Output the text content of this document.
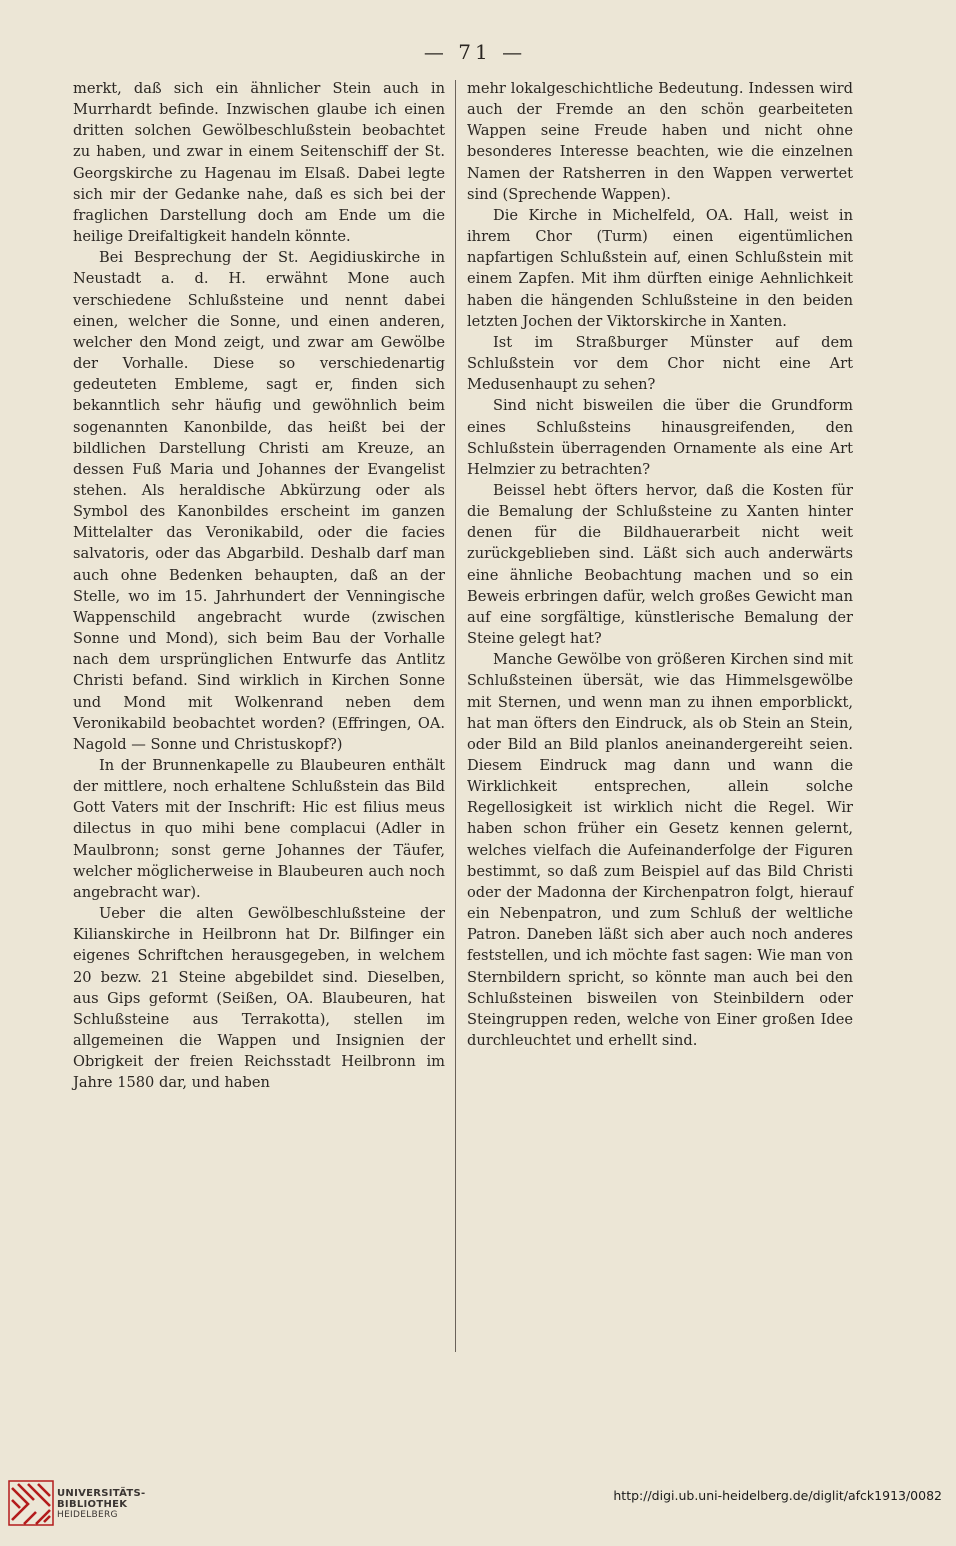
— 71 —

merkt, daß sich ein ähnlicher Stein auch in Murrhardt befinde. Inzwischen glaube ich einen dritten solchen Gewölbeschlußstein beobachtet zu haben, und zwar in einem Seitenschiff der St. Georgskirche zu Hagenau im Elsaß. Dabei legte sich mir der Gedanke nahe, daß es sich bei der fraglichen Darstellung doch am Ende um die heilige Dreifaltigkeit handeln könnte.

Bei Besprechung der St. Aegidiuskirche in Neustadt a. d. H. erwähnt Mone auch verschiedene Schlußsteine und nennt dabei einen, welcher die Sonne, und einen anderen, welcher den Mond zeigt, und zwar am Gewölbe der Vorhalle. Diese so verschiedenartig gedeuteten Embleme, sagt er, finden sich bekanntlich sehr häufig und gewöhnlich beim sogenannten Kanonbilde, das heißt bei der bildlichen Darstellung Christi am Kreuze, an dessen Fuß Maria und Johannes der Evangelist stehen. Als heraldische Abkürzung oder als Symbol des Kanonbildes erscheint im ganzen Mittelalter das Veronikabild, oder die facies salvatoris, oder das Abgarbild. Deshalb darf man auch ohne Bedenken behaupten, daß an der Stelle, wo im 15. Jahrhundert der Venningische Wappenschild angebracht wurde (zwischen Sonne und Mond), sich beim Bau der Vorhalle nach dem ursprünglichen Entwurfe das Antlitz Christi befand. Sind wirklich in Kirchen Sonne und Mond mit Wolkenrand neben dem Veronikabild beobachtet worden? (Effringen, OA. Nagold — Sonne und Christuskopf?)

In der Brunnenkapelle zu Blaubeuren enthält der mittlere, noch erhaltene Schlußstein das Bild Gott Vaters mit der Inschrift: Hic est filius meus dilectus in quo mihi bene complacui (Adler in Maulbronn; sonst gerne Johannes der Täufer, welcher möglicherweise in Blaubeuren auch noch angebracht war).

Ueber die alten Gewölbeschlußsteine der Kilianskirche in Heilbronn hat Dr. Bilfinger ein eigenes Schriftchen herausgegeben, in welchem 20 bezw. 21 Steine abgebildet sind. Dieselben, aus Gips geformt (Seißen, OA. Blaubeuren, hat Schlußsteine aus Terrakotta), stellen im allgemeinen die Wappen und Insignien der Obrigkeit der freien Reichsstadt Heilbronn im Jahre 1580 dar, und haben

mehr lokalgeschichtliche Bedeutung. Indessen wird auch der Fremde an den schön gearbeiteten Wappen seine Freude haben und nicht ohne besonderes Interesse beachten, wie die einzelnen Namen der Ratsherren in den Wappen verwertet sind (Sprechende Wappen).

Die Kirche in Michelfeld, OA. Hall, weist in ihrem Chor (Turm) einen eigentümlichen napfartigen Schlußstein auf, einen Schlußstein mit einem Zapfen. Mit ihm dürften einige Aehnlichkeit haben die hängenden Schlußsteine in den beiden letzten Jochen der Viktorskirche in Xanten.

Ist im Straßburger Münster auf dem Schlußstein vor dem Chor nicht eine Art Medusenhaupt zu sehen?

Sind nicht bisweilen die über die Grundform eines Schlußsteins hinausgreifenden, den Schlußstein überragenden Ornamente als eine Art Helmzier zu betrachten?

Beissel hebt öfters hervor, daß die Kosten für die Bemalung der Schlußsteine zu Xanten hinter denen für die Bildhauerarbeit nicht weit zurückgeblieben sind. Läßt sich auch anderwärts eine ähnliche Beobachtung machen und so ein Beweis erbringen dafür, welch großes Gewicht man auf eine sorgfältige, künstlerische Bemalung der Steine gelegt hat?

Manche Gewölbe von größeren Kirchen sind mit Schlußsteinen übersät, wie das Himmelsgewölbe mit Sternen, und wenn man zu ihnen emporblickt, hat man öfters den Eindruck, als ob Stein an Stein, oder Bild an Bild planlos aneinandergereiht seien. Diesem Eindruck mag dann und wann die Wirklichkeit entsprechen, allein solche Regellosigkeit ist wirklich nicht die Regel. Wir haben schon früher ein Gesetz kennen gelernt, welches vielfach die Aufeinanderfolge der Figuren bestimmt, so daß zum Beispiel auf das Bild Christi oder der Madonna der Kirchenpatron folgt, hierauf ein Nebenpatron, und zum Schluß der weltliche Patron. Daneben läßt sich aber auch noch anderes feststellen, und ich möchte fast sagen: Wie man von Sternbildern spricht, so könnte man auch bei den Schlußsteinen bisweilen von Steinbildern oder Steingruppen reden, welche von Einer großen Idee durchleuchtet und erhellt sind.

UNIVERSITÄTS-
BIBLIOTHEK
HEIDELBERG
http://digi.ub.uni-heidelberg.de/diglit/afck1913/0082
